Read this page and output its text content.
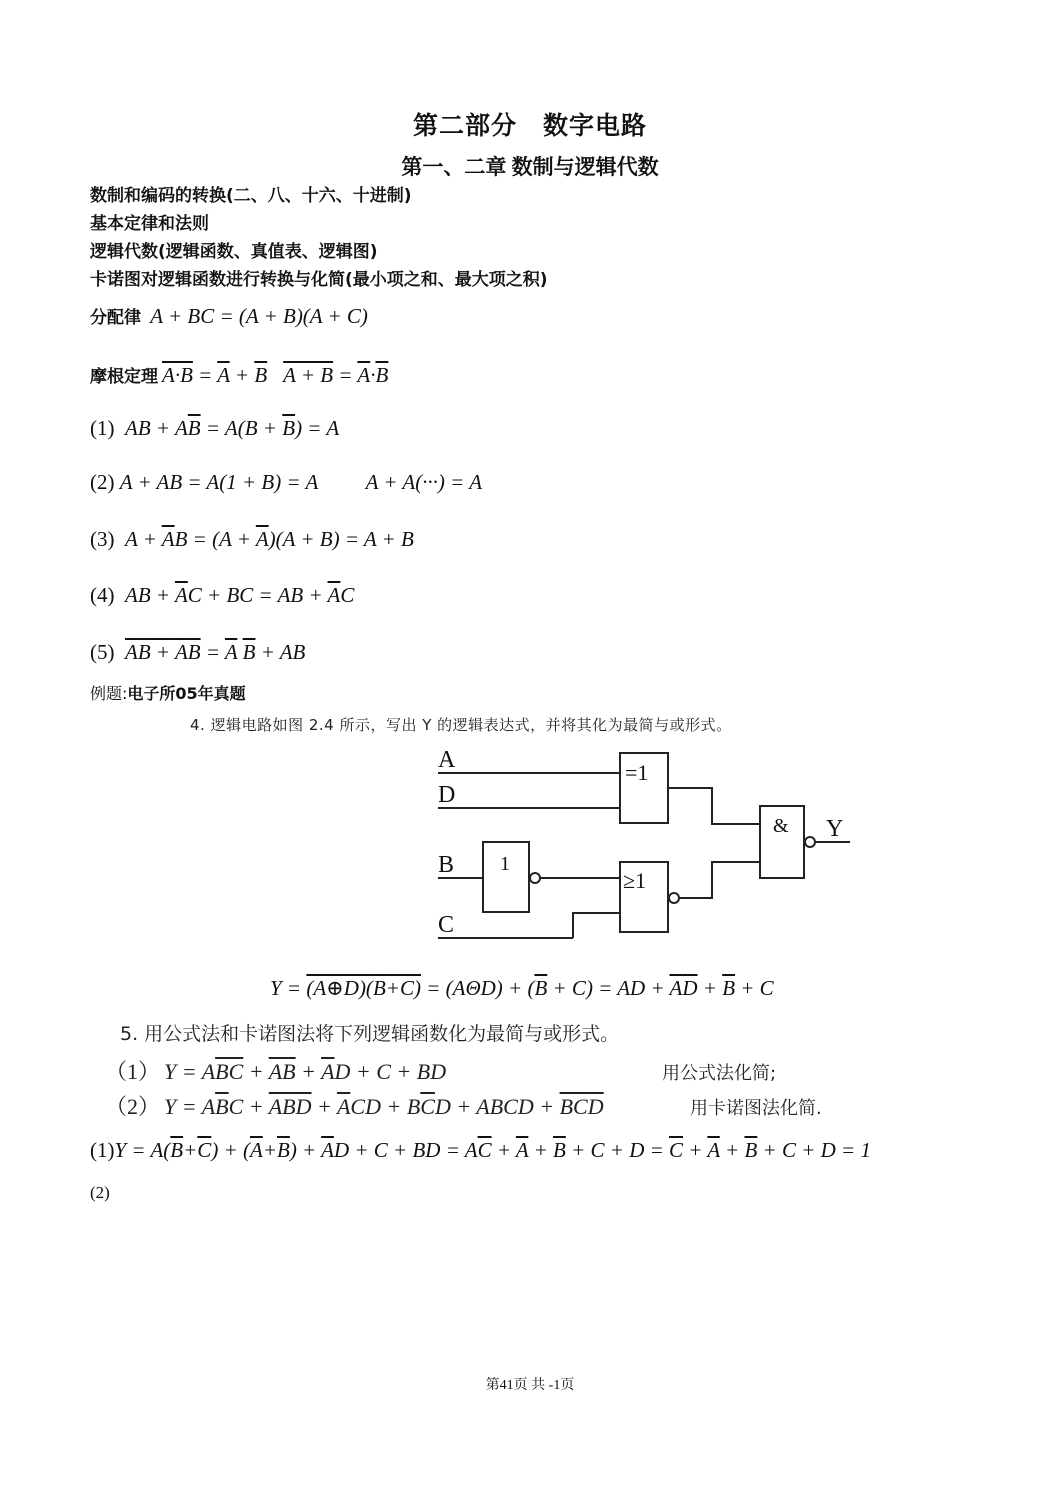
第二部分　数字电路
第一、二章 数制与逻辑代数
数制和编码的转换(二、八、十六、十进制)
基本定律和法则
逻辑代数(逻辑函数、真值表、逻辑图)
卡诺图对逻辑函数进行转换与化简(最小项之和、最大项之积)
分配律  A + BC = (A + B)(A + C)
摩根定理 $A\cdot B = \overline{A} + \overline{B}$ $A + B = \overline{A}\cdot\overline{B}$
(1)  AB + $A\overline{B} = A(B + \overline{B}) = A$
(2) A + AB = A(1 + B) = A A + A(···) = A
(3)  $A + \overline{A}B = (A + \overline{A})(A + B) = A + B$
(4)  AB + $\overline{A}C$ + BC = AB + $\overline{A}C$
(5) AB + AB = $\overline{A}$ $\overline{B}$ + AB
例题:电子所05年真题
4. 逻辑电路如图 2.4 所示，写出 Y 的逻辑表达式，并将其化为最简与或形式。
A
D
B
C
Y
=1
1
≥1
&
Y = (A⊕D)(B+C) = $(A\Theta D) + (\overline{B} + C)$ = AD + $\overline{A}\overline{D} + \overline{B} + C$
5. 用公式法和卡诺图法将下列逻辑函数化为最简与或形式。
（1） $Y = A\overline{BC} + \overline{AB} + \overline{A}D + C$ + BD	用公式法化简;
（2） $Y = A\overline{B}C$ + ABD + $\overline{A}CD + B\overline{C}D$ + ABCD + BCD	用卡诺图法化简.
$(1)Y = A(\overline{B}+\overline{C}) + (\overline{A}+\overline{B}) + \overline{A}D + C$ + BD = $A\overline{C} + \overline{A} + \overline{B} + C + D = \overline{C} + \overline{A} + \overline{B} + C + D = 1$
(2)
第41页 共 -1页
